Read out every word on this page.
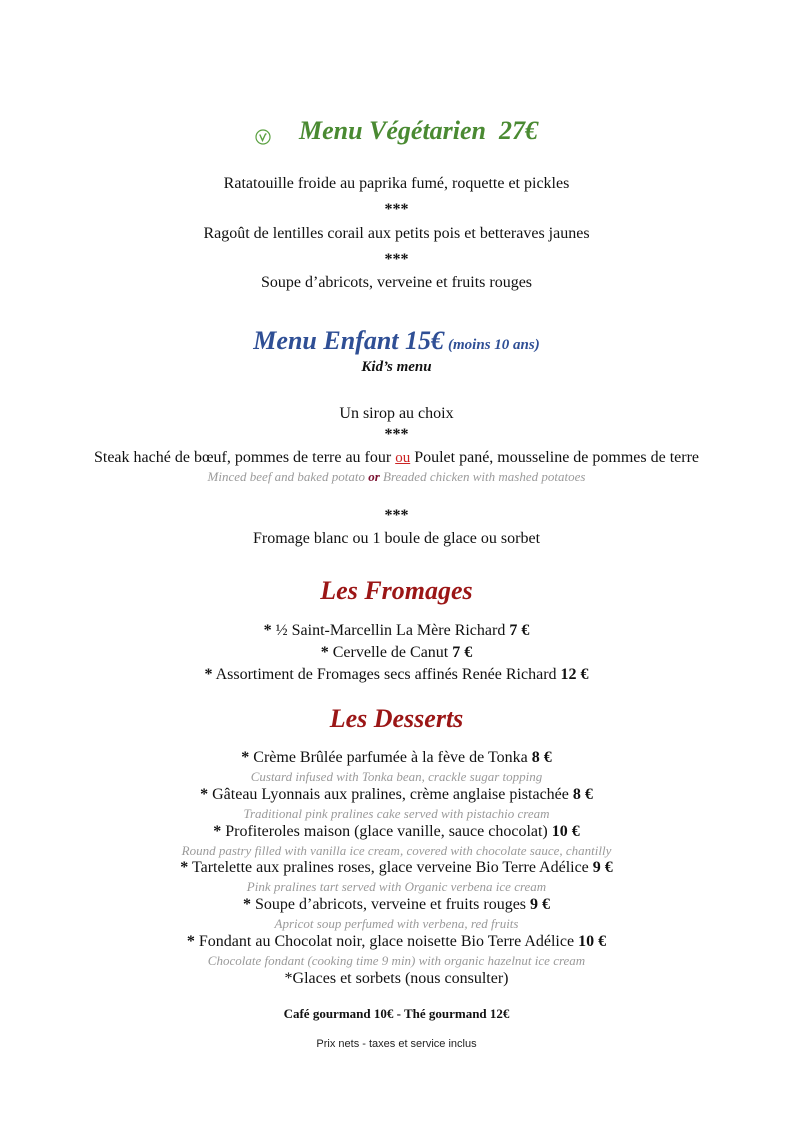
Menu Végétarien  27€
Ratatouille froide au paprika fumé, roquette et pickles
***
Ragoût de lentilles corail aux petits pois et betteraves jaunes
***
Soupe d’abricots, verveine et fruits rouges
Menu Enfant 15€ (moins 10 ans)
Kid’s menu
Un sirop au choix
***
Steak haché de bœuf, pommes de terre au four ou Poulet pané, mousseline de pommes de terre
Minced beef and baked potato or Breaded chicken with mashed potatoes
***
Fromage blanc ou 1 boule de glace ou sorbet
Les Fromages
* ½ Saint-Marcellin La Mère Richard 7 €
* Cervelle de Canut 7 €
* Assortiment de Fromages secs affinés Renée Richard 12 €
Les Desserts
* Crème Brûlée parfumée à la fève de Tonka 8 €
Custard infused with Tonka bean, crackle sugar topping
* Gâteau Lyonnais aux pralines, crème anglaise pistachée 8 €
Traditional pink pralines cake served with pistachio cream
* Profiteroles maison (glace vanille, sauce chocolat) 10 €
Round pastry filled with vanilla ice cream, covered with chocolate sauce, chantilly
* Tartelette aux pralines roses, glace verveine Bio Terre Adélice 9 €
Pink pralines tart served with Organic verbena ice cream
* Soupe d’abricots, verveine et fruits rouges 9 €
Apricot soup perfumed with verbena, red fruits
* Fondant au Chocolat noir, glace noisette Bio Terre Adélice 10 €
Chocolate fondant (cooking time 9 min) with organic hazelnut ice cream
*Glaces et sorbets (nous consulter)
Café gourmand 10€ - Thé gourmand 12€
Prix nets - taxes et service inclus
